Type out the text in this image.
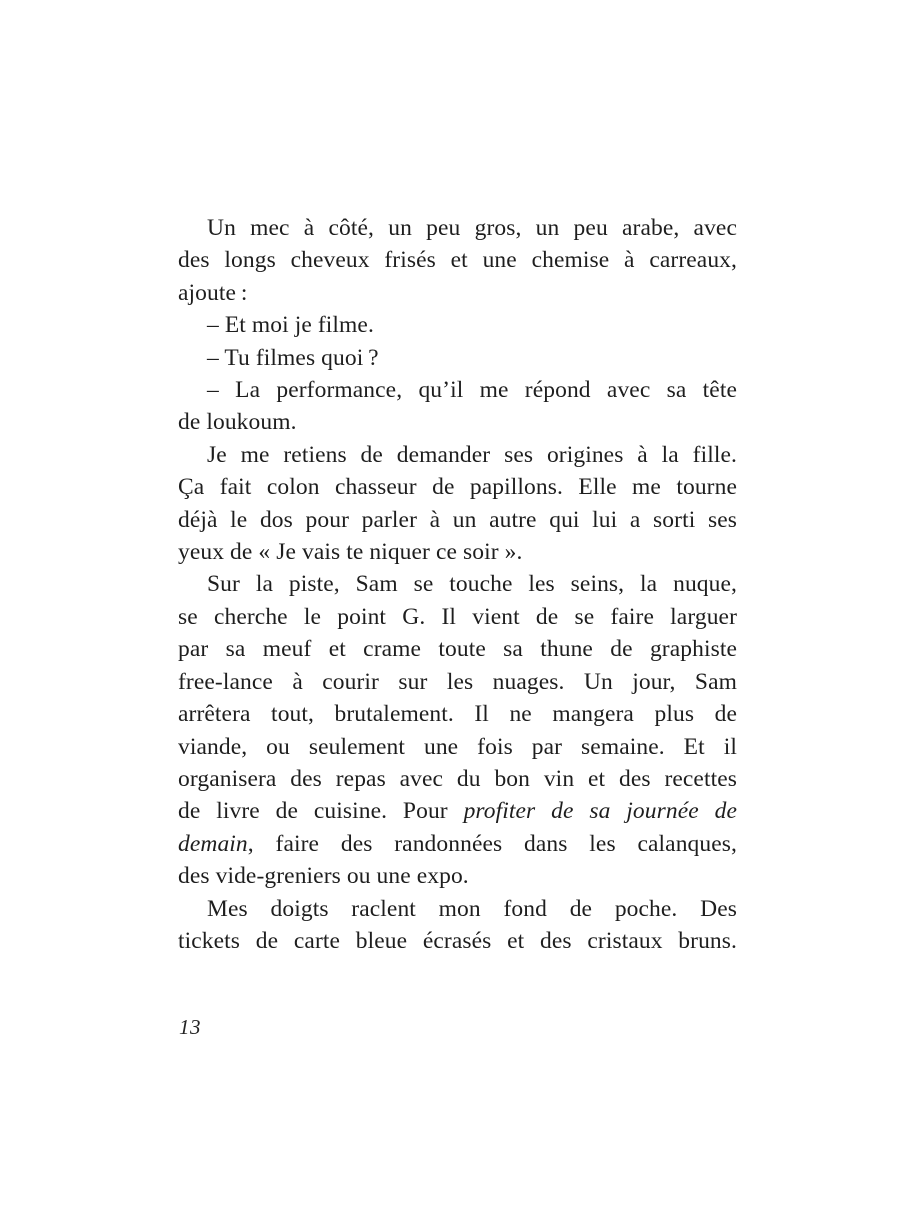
Un mec à côté, un peu gros, un peu arabe, avec
des longs cheveux frisés et une chemise à carreaux,
ajoute :
– Et moi je filme.
– Tu filmes quoi ?
– La performance, qu’il me répond avec sa tête
de loukoum.
Je me retiens de demander ses origines à la fille.
Ça fait colon chasseur de papillons. Elle me tourne
déjà le dos pour parler à un autre qui lui a sorti ses
yeux de « Je vais te niquer ce soir ».
Sur la piste, Sam se touche les seins, la nuque,
se cherche le point G. Il vient de se faire larguer
par sa meuf et crame toute sa thune de graphiste
free-lance à courir sur les nuages. Un jour, Sam
arrêtera tout, brutalement. Il ne mangera plus de
viande, ou seulement une fois par semaine. Et il
organisera des repas avec du bon vin et des recettes
de livre de cuisine. Pour profiter de sa journée de
demain, faire des randonnées dans les calanques,
des vide-greniers ou une expo.
Mes doigts raclent mon fond de poche. Des
tickets de carte bleue écrasés et des cristaux bruns.
13
